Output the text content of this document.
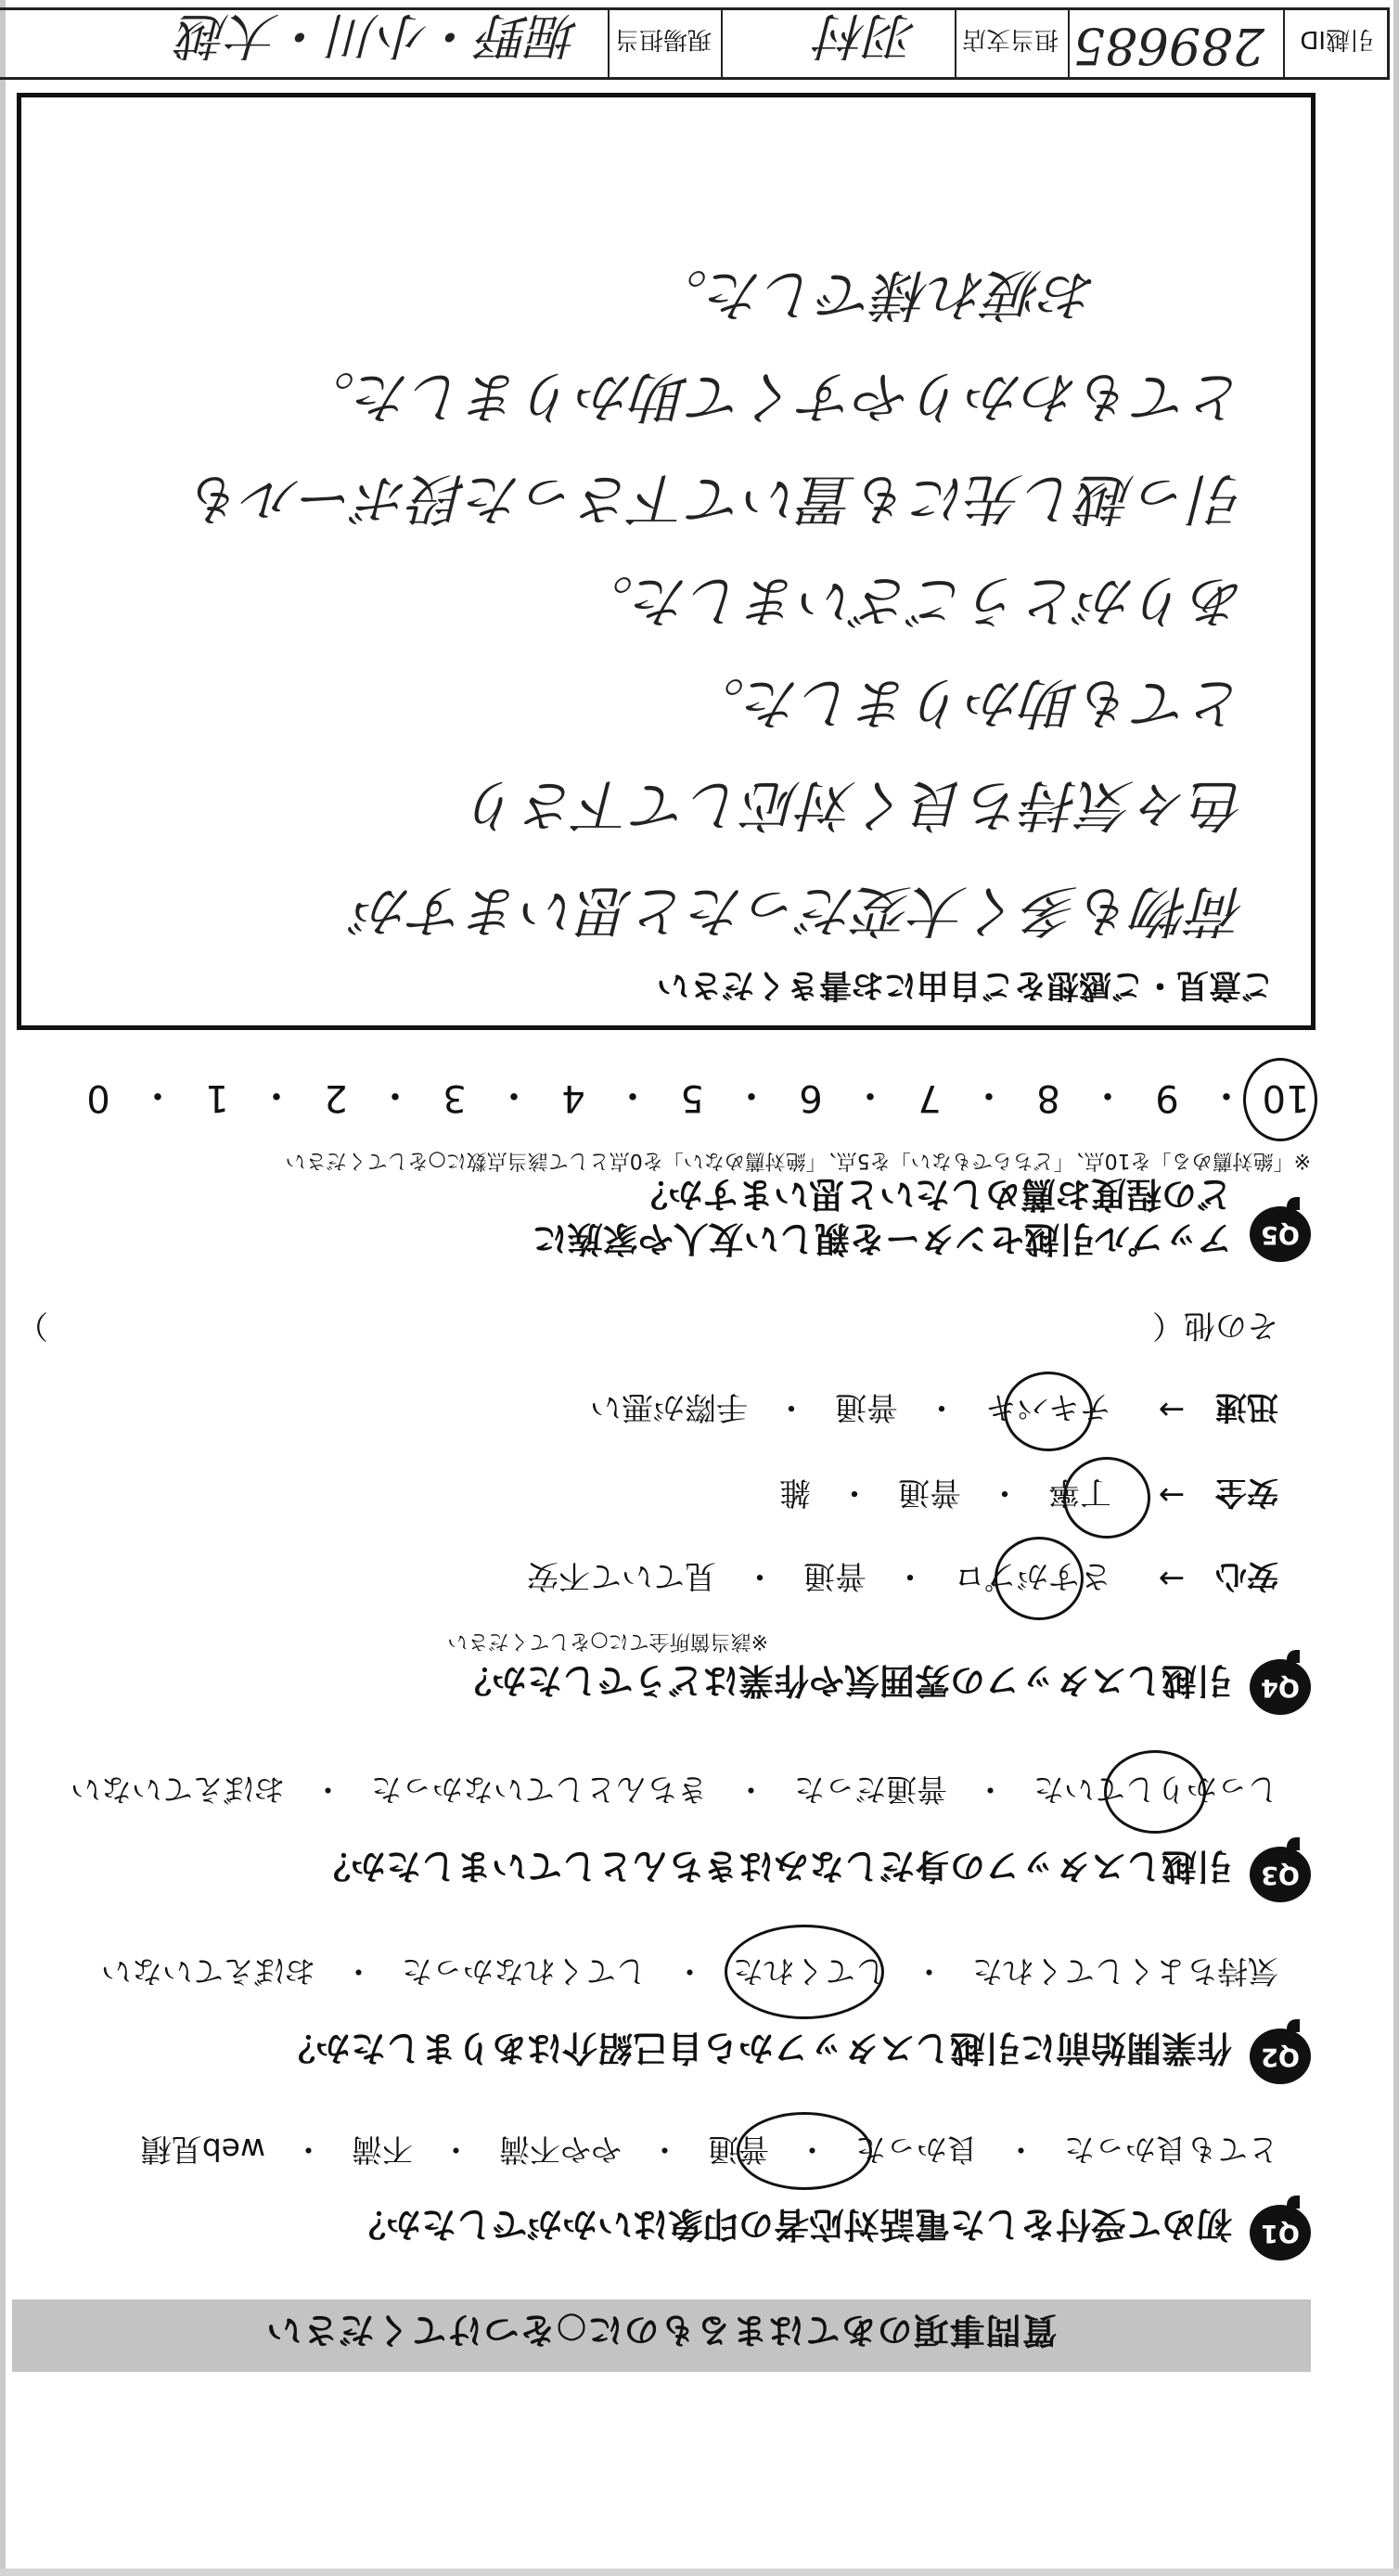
質問事項のあてはまるものに○をつけてください
Q1
初めて受付をした電話対応者の印象はいかがでしたか？
とても良かった
・
良かった
・
普通
・
やや不満
・
不満
・
web見積
Q2
作業開始前に引越しスタッフから自己紹介はありましたか？
気持ちよくしてくれた
・
してくれた
・
してくれなかった
・
おぼえていない
Q3
引越しスタッフの身だしなみはきちんとしていましたか？
しっかりしていた
・
普通だった
・
きちんとしていなかった
・
おぼえていない
Q4
引越しスタッフの雰囲気や作業はどうでしたか？
※該当箇所全てに○をしてください
安心
→
さすがプロ
・
普通
・
見ていて不安
安全
→
丁寧
・
普通
・
雑
迅速
→
テキパキ
・
普通
・
手際が悪い
その他（
）
Q5
アップル引越センターを親しい友人や家族に
どの程度お薦めしたいと思いますか？
※「絶対薦める」を10点、「どちらでもない」を5点、「絶対薦めない」を0点として該当点数に○をしてください
10
・
9
・
8
・
7
・
6
・
5
・
4
・
3
・
2
・
1
・
0
ご意見・ご感想をご自由にお書きください
荷物も多く大変だったと思いますが
色々気持ち良く対応して下さり
とても助かりました。
ありがとうございました。
引っ越し先にも置いて下さった段ボールも
とてもわかりやすくて助かりました。
お疲れ様でした。
引越ID
289685
担当支店
羽村
現場担当
堀野・小川・大越
